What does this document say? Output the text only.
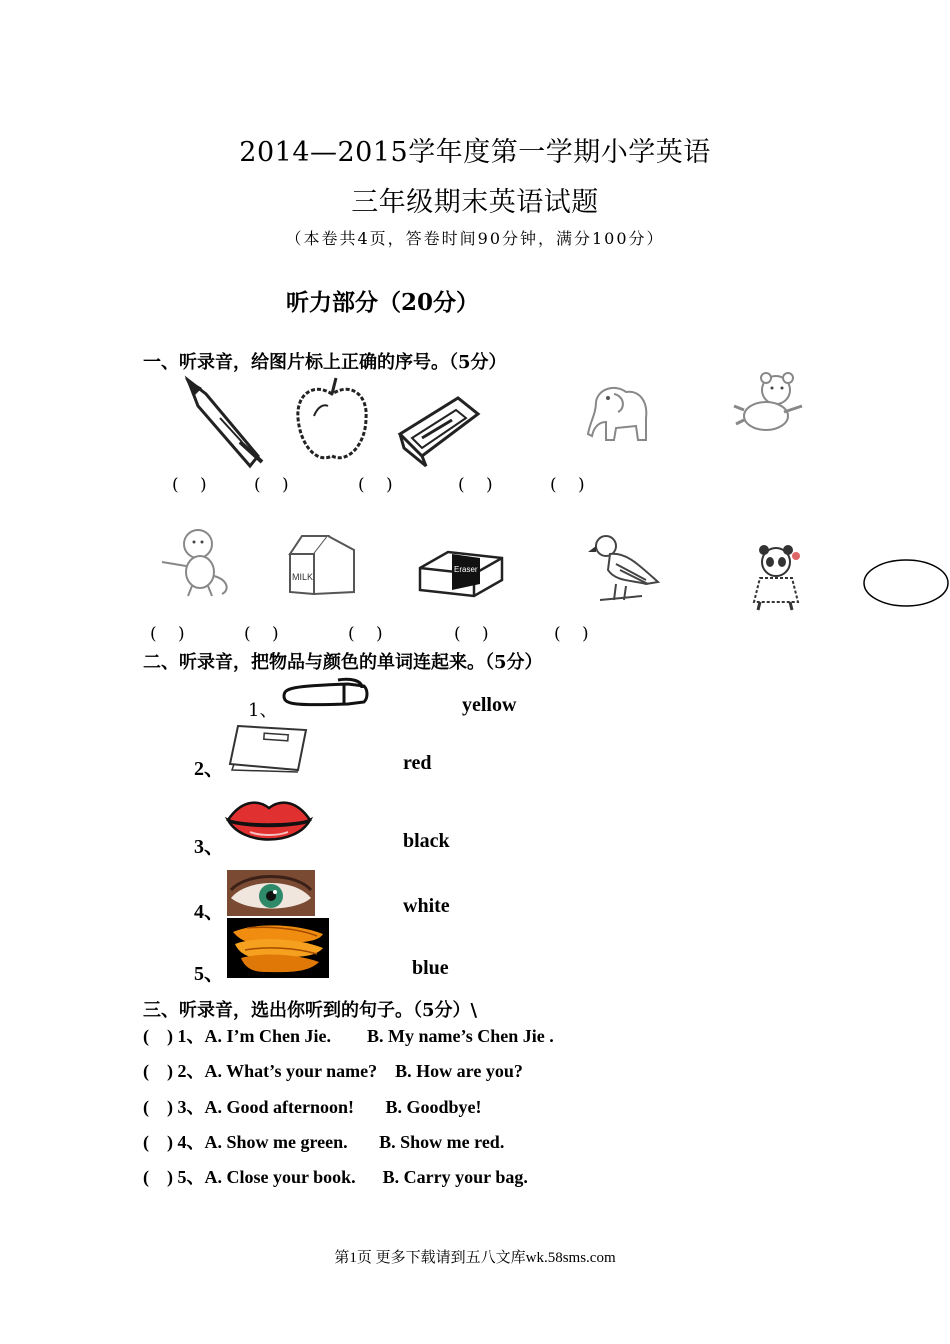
2014—2015学年度第一学期小学英语
三年级期末英语试题
（本卷共4页，答卷时间90分钟，满分100分）
听力部分（20分）
一、听录音，给图片标上正确的序号。（5分）
( ) ( )	( )	( )	( )
MILK
Eraser
( )	( )	( )	( )	( )
二、听录音，把物品与颜色的单词连起来。（5分）
1、	yellow
2、	red
3、	black
4、	white
5、	blue
三、听录音，选出你听到的句子。（5分）\
(    ) 1、A. I’m Chen Jie.        B. My name’s Chen Jie .
(    ) 2、A. What’s your name?    B. How are you?
(    ) 3、A. Good afternoon!       B. Goodbye!
(    ) 4、A. Show me green.       B. Show me red.
(    ) 5、A. Close your book.      B. Carry your bag.
第1页 更多下载请到五八文库wk.58sms.com
